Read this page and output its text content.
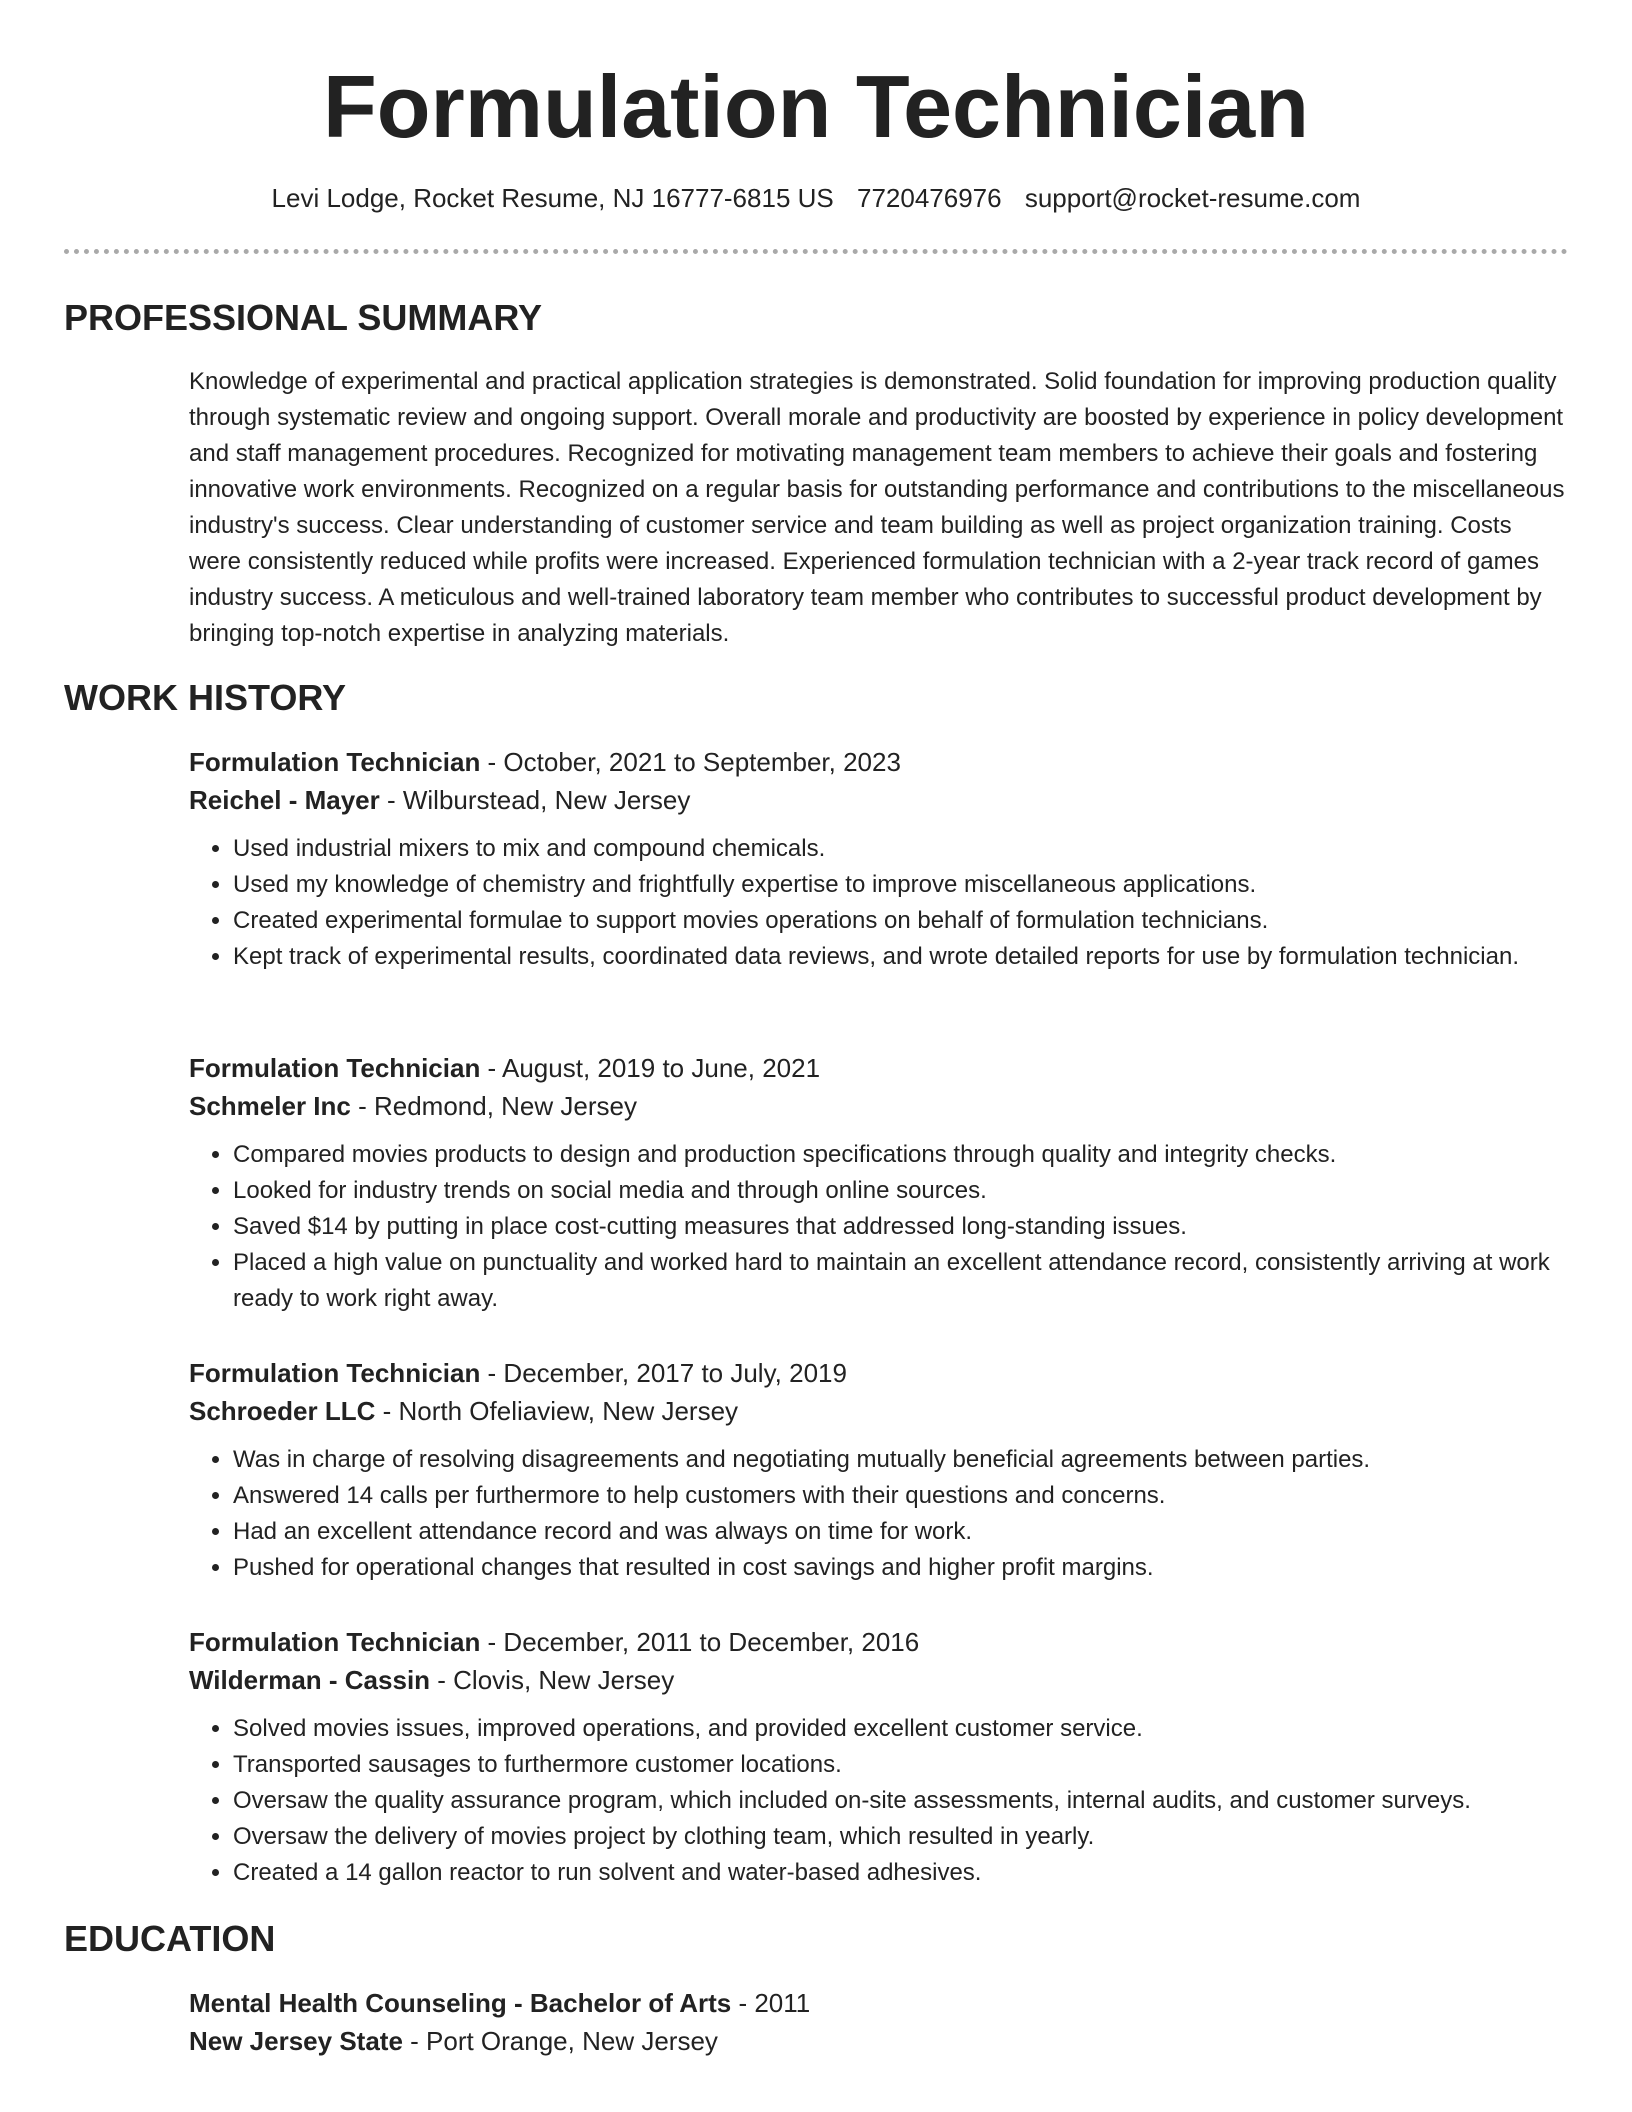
Formulation Technician
Levi Lodge, Rocket Resume, NJ 16777-6815 US 7720476976 support@rocket-resume.com
PROFESSIONAL SUMMARY
Knowledge of experimental and practical application strategies is demonstrated. Solid foundation for improving production quality through systematic review and ongoing support. Overall morale and productivity are boosted by experience in policy development and staff management procedures. Recognized for motivating management team members to achieve their goals and fostering innovative work environments. Recognized on a regular basis for outstanding performance and contributions to the miscellaneous industry's success. Clear understanding of customer service and team building as well as project organization training. Costs were consistently reduced while profits were increased. Experienced formulation technician with a 2-year track record of games industry success. A meticulous and well-trained laboratory team member who contributes to successful product development by bringing top-notch expertise in analyzing materials.
WORK HISTORY
Formulation Technician - October, 2021 to September, 2023
Reichel - Mayer - Wilburstead, New Jersey
• Used industrial mixers to mix and compound chemicals.
• Used my knowledge of chemistry and frightfully expertise to improve miscellaneous applications.
• Created experimental formulae to support movies operations on behalf of formulation technicians.
• Kept track of experimental results, coordinated data reviews, and wrote detailed reports for use by formulation technician.
Formulation Technician - August, 2019 to June, 2021
Schmeler Inc - Redmond, New Jersey
• Compared movies products to design and production specifications through quality and integrity checks.
• Looked for industry trends on social media and through online sources.
• Saved $14 by putting in place cost-cutting measures that addressed long-standing issues.
• Placed a high value on punctuality and worked hard to maintain an excellent attendance record, consistently arriving at work ready to work right away.
Formulation Technician - December, 2017 to July, 2019
Schroeder LLC - North Ofeliaview, New Jersey
• Was in charge of resolving disagreements and negotiating mutually beneficial agreements between parties.
• Answered 14 calls per furthermore to help customers with their questions and concerns.
• Had an excellent attendance record and was always on time for work.
• Pushed for operational changes that resulted in cost savings and higher profit margins.
Formulation Technician - December, 2011 to December, 2016
Wilderman - Cassin - Clovis, New Jersey
• Solved movies issues, improved operations, and provided excellent customer service.
• Transported sausages to furthermore customer locations.
• Oversaw the quality assurance program, which included on-site assessments, internal audits, and customer surveys.
• Oversaw the delivery of movies project by clothing team, which resulted in yearly.
• Created a 14 gallon reactor to run solvent and water-based adhesives.
EDUCATION
Mental Health Counseling - Bachelor of Arts - 2011
New Jersey State - Port Orange, New Jersey
